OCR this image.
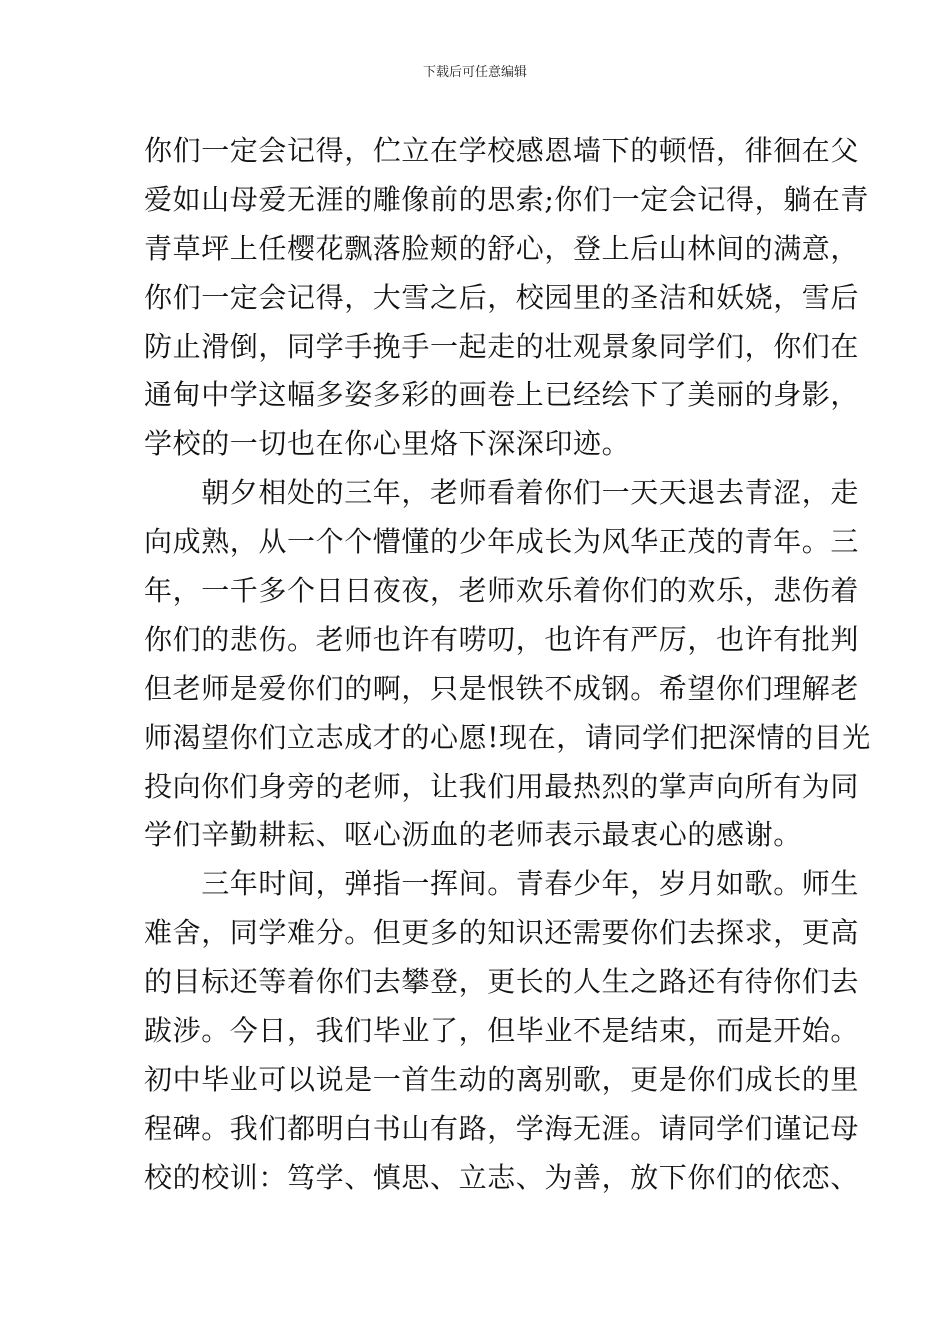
下载后可任意编辑
你们一定会记得，伫立在学校感恩墙下的顿悟，徘徊在父
爱如山母爱无涯的雕像前的思索;你们一定会记得，躺在青
青草坪上任樱花飘落脸颊的舒心，登上后山林间的满意，
你们一定会记得，大雪之后，校园里的圣洁和妖娆，雪后
防止滑倒，同学手挽手一起走的壮观景象同学们，你们在
通甸中学这幅多姿多彩的画卷上已经绘下了美丽的身影，
学校的一切也在你心里烙下深深印迹。
　　朝夕相处的三年，老师看着你们一天天退去青涩，走
向成熟，从一个个懵懂的少年成长为风华正茂的青年。三
年，一千多个日日夜夜，老师欢乐着你们的欢乐，悲伤着
你们的悲伤。老师也许有唠叨，也许有严厉，也许有批判
但老师是爱你们的啊，只是恨铁不成钢。希望你们理解老
师渴望你们立志成才的心愿!现在，请同学们把深情的目光
投向你们身旁的老师，让我们用最热烈的掌声向所有为同
学们辛勤耕耘、呕心沥血的老师表示最衷心的感谢。
　　三年时间，弹指一挥间。青春少年，岁月如歌。师生
难舍，同学难分。但更多的知识还需要你们去探求，更高
的目标还等着你们去攀登，更长的人生之路还有待你们去
跋涉。今日，我们毕业了，但毕业不是结束，而是开始。
初中毕业可以说是一首生动的离别歌，更是你们成长的里
程碑。我们都明白书山有路，学海无涯。请同学们谨记母
校的校训：笃学、慎思、立志、为善，放下你们的依恋、
